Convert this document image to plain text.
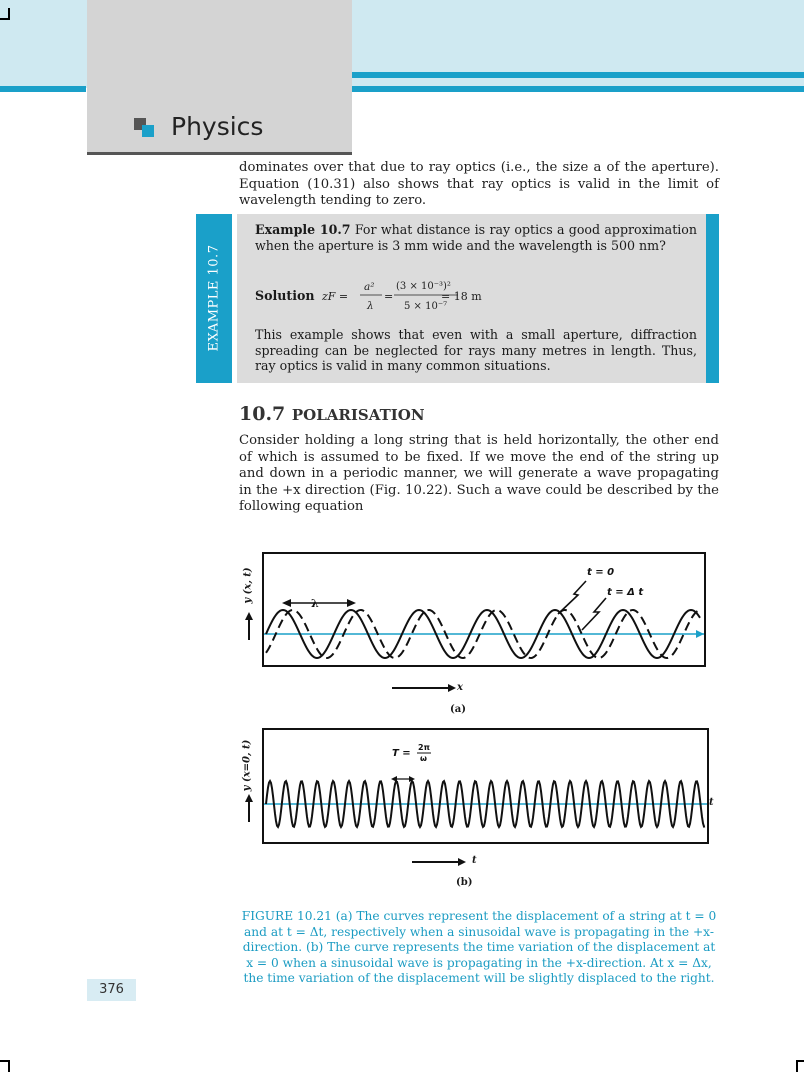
Physics

dominates over that due to ray optics (i.e., the size a of the aperture).

Equation (10.31) also shows that ray optics is valid in the limit of

wavelength tending to zero.

EXAMPLE 10.7
Example 10.7 For what distance is ray optics a good approximation when the aperture is 3 mm wide and the wavelength is 500 nm?
Solution zF =
a²
λ
=
(3 × 10⁻³)²
5 × 10⁻⁷
= 18 m
This example shows that even with a small aperture, diffraction spreading can be neglected for rays many metres in length. Thus, ray optics is valid in many common situations.
10.7 POLARISATION
Consider holding a long string that is held horizontally, the other end of which is assumed to be fixed. If we move the end of the string up and down in a periodic manner, we will generate a wave propagating in the +x direction (Fig. 10.22). Such a wave could be described by the following equation
y (x, t)	λ
t = 0
t = Δ t
x
(a)
y (x=0, t)	T =
2π
ω
t
t
(b)
FIGURE 10.21 (a) The curves represent the displacement of a string at t = 0 and at t = Δt, respectively when a sinusoidal wave is propagating in the +x-direction. (b) The curve represents the time variation of the displacement at x = 0 when a sinusoidal wave is propagating in the +x-direction. At x = Δx, the time variation of the displacement will be slightly displaced to the right.
376
